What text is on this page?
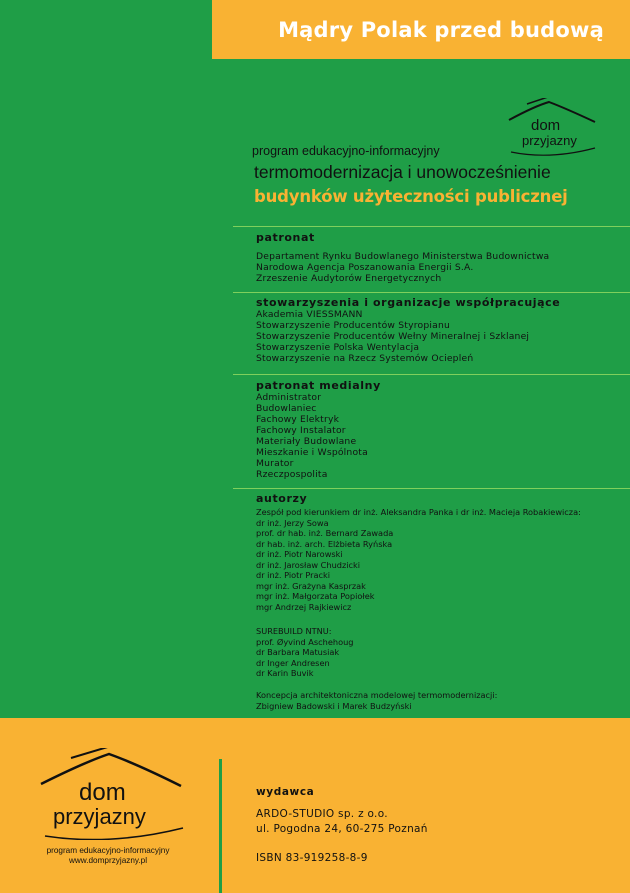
Mądry Polak przed budową
dom
przyjazny
program edukacyjno-informacyjny
termomodernizacja i unowocześnienie
budynków użyteczności publicznej
patronat
Departament Rynku Budowlanego Ministerstwa Budownictwa
Narodowa Agencja Poszanowania Energii S.A.
Zrzeszenie Audytorów Energetycznych
stowarzyszenia i organizacje współpracujące
Akademia VIESSMANN
Stowarzyszenie Producentów Styropianu
Stowarzyszenie Producentów Wełny Mineralnej i Szklanej
Stowarzyszenie Polska Wentylacja
Stowarzyszenie na Rzecz Systemów Ociepleń
patronat medialny
Administrator
Budowlaniec
Fachowy Elektryk
Fachowy Instalator
Materiały Budowlane
Mieszkanie i Wspólnota
Murator
Rzeczpospolita
autorzy
Zespół pod kierunkiem dr inż. Aleksandra Panka i dr inż. Macieja Robakiewicza:
dr inż. Jerzy Sowa
prof. dr hab. inż. Bernard Zawada
dr hab. inż. arch. Elżbieta Ryńska
dr inż. Piotr Narowski
dr inż. Jarosław Chudzicki
dr inż. Piotr Pracki
mgr inż. Grażyna Kasprzak
mgr inż. Małgorzata Popiołek
mgr Andrzej Rajkiewicz
SUREBUILD NTNU:
prof. Øyvind Aschehoug
dr Barbara Matusiak
dr Inger Andresen
dr Karin Buvik
Koncepcja architektoniczna modelowej termomodernizacji:
Zbigniew Badowski i Marek Budzyński
dom
przyjazny
program edukacyjno-informacyjny
www.domprzyjazny.pl
wydawca
ARDO-STUDIO sp. z o.o.
ul. Pogodna 24, 60-275 Poznań
ISBN 83-919258-8-9
